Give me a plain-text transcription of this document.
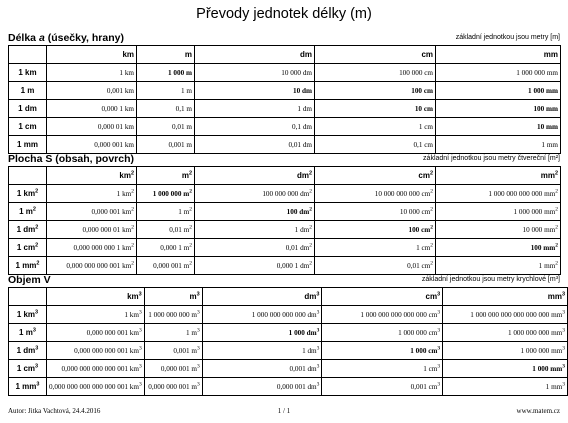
Převody jednotek délky (m)
Délka a (úsečky, hrany)	základní jednotkou jsou metry [m]
	km	m	dm	cm	mm
1 km	1 km	1 000 m	10 000 dm	100 000 cm	1 000 000 mm
1 m	0,001 km	1 m	10 dm	100 cm	1 000 mm
1 dm	0,000 1 km	0,1 m	1 dm	10 cm	100 mm
1 cm	0,000 01 km	0,01 m	0,1 dm	1 cm	10 mm
1 mm	0,000 001 km	0,001 m	0,01 dm	0,1 cm	1 mm
Plocha S (obsah, povrch)	základní jednotkou jsou metry čtvereční [m²]
	$km^2$	$m^2$	$dm^2$	$cm^2$	$mm^2$
1 $km^2$	1 $km^2$	1 000 000 $m^2$	100 000 000 $dm^2$	10 000 000 000 $cm^2$	1 000 000 000 000 $mm^2$
1 $m^2$	0,000 001 $km^2$	1 $m^2$	100 $dm^2$	10 000 $cm^2$	1 000 000 $mm^2$
1 $dm^2$	0,000 000 01 $km^2$	0,01 $m^2$	1 $dm^2$	100 $cm^2$	10 000 $mm^2$
1 $cm^2$	0,000 000 000 1 $km^2$	0,000 1 $m^2$	0,01 $dm^2$	1 $cm^2$	100 $mm^2$
1 $mm^2$	0,000 000 000 001 $km^2$	0,000 001 $m^2$	0,000 1 $dm^2$	0,01 $cm^2$	1 $mm^2$
Objem V	základní jednotkou jsou metry krychlové [m³]
	$km^3$	$m^3$	$dm^3$	$cm^3$	$mm^3$
1 $km^3$	1 $km^3$	1 000 000 000 $m^3$	1 000 000 000 000 $dm^3$	1 000 000 000 000 000 $cm^3$	1 000 000 000 000 000 000 $mm^3$
1 $m^3$	0,000 000 001 $km^3$	1 $m^3$	1 000 $dm^3$	1 000 000 $cm^3$	1 000 000 000 $mm^3$
1 $dm^3$	0,000 000 000 001 $km^3$	0,001 $m^3$	1 $dm^3$	1 000 $cm^3$	1 000 000 $mm^3$
1 $cm^3$	0,000 000 000 000 001 $km^3$	0,000 001 $m^3$	0,001 $dm^3$	1 $cm^3$	1 000 $mm^3$
1 $mm^3$	0,000 000 000 000 000 001 $km^3$	0,000 000 001 $m^3$	0,000 001 $dm^3$	0,001 $cm^3$	1 $mm^3$
Autor: Jitka Vachtová, 24.4.2016	1 / 1	www.matem.cz
